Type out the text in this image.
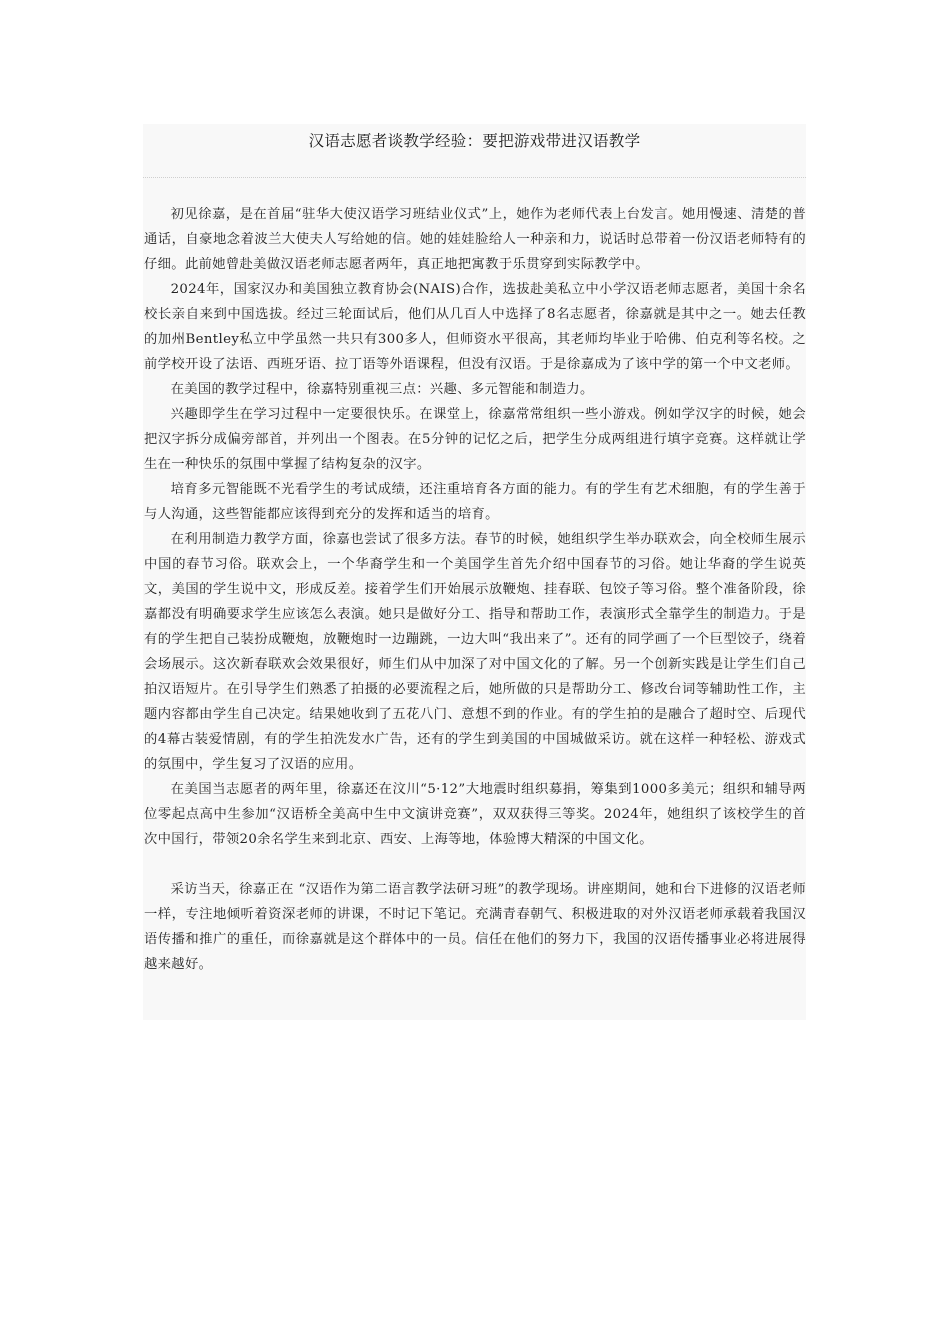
汉语志愿者谈教学经验：要把游戏带进汉语教学

初见徐嘉，是在首届“驻华大使汉语学习班结业仪式”上，她作为老师代表上台发言。她用慢速、清楚的普通话，自豪地念着波兰大使夫人写给她的信。她的娃娃脸给人一种亲和力，说话时总带着一份汉语老师特有的仔细。此前她曾赴美做汉语老师志愿者两年，真正地把寓教于乐贯穿到实际教学中。

2024年，国家汉办和美国独立教育协会(NAIS)合作，选拔赴美私立中小学汉语老师志愿者，美国十余名校长亲自来到中国选拔。经过三轮面试后，他们从几百人中选择了8名志愿者，徐嘉就是其中之一。她去任教的加州Bentley私立中学虽然一共只有300多人，但师资水平很高，其老师均毕业于哈佛、伯克利等名校。之前学校开设了法语、西班牙语、拉丁语等外语课程，但没有汉语。于是徐嘉成为了该中学的第一个中文老师。

在美国的教学过程中，徐嘉特别重视三点：兴趣、多元智能和制造力。

兴趣即学生在学习过程中一定要很快乐。在课堂上，徐嘉常常组织一些小游戏。例如学汉字的时候，她会把汉字拆分成偏旁部首，并列出一个图表。在5分钟的记忆之后，把学生分成两组进行填字竞赛。这样就让学生在一种快乐的氛围中掌握了结构复杂的汉字。

培育多元智能既不光看学生的考试成绩，还注重培育各方面的能力。有的学生有艺术细胞，有的学生善于与人沟通，这些智能都应该得到充分的发挥和适当的培育。

在利用制造力教学方面，徐嘉也尝试了很多方法。春节的时候，她组织学生举办联欢会，向全校师生展示中国的春节习俗。联欢会上，一个华裔学生和一个美国学生首先介绍中国春节的习俗。她让华裔的学生说英文，美国的学生说中文，形成反差。接着学生们开始展示放鞭炮、挂春联、包饺子等习俗。整个准备阶段，徐嘉都没有明确要求学生应该怎么表演。她只是做好分工、指导和帮助工作，表演形式全靠学生的制造力。于是有的学生把自己装扮成鞭炮，放鞭炮时一边蹦跳，一边大叫“我出来了”。还有的同学画了一个巨型饺子，绕着会场展示。这次新春联欢会效果很好，师生们从中加深了对中国文化的了解。另一个创新实践是让学生们自己拍汉语短片。在引导学生们熟悉了拍摄的必要流程之后，她所做的只是帮助分工、修改台词等辅助性工作，主题内容都由学生自己决定。结果她收到了五花八门、意想不到的作业。有的学生拍的是融合了超时空、后现代的4幕古装爱情剧，有的学生拍洗发水广告，还有的学生到美国的中国城做采访。就在这样一种轻松、游戏式的氛围中，学生复习了汉语的应用。

在美国当志愿者的两年里，徐嘉还在汶川“5·12”大地震时组织募捐，筹集到1000多美元；组织和辅导两位零起点高中生参加“汉语桥全美高中生中文演讲竞赛”，双双获得三等奖。2024年，她组织了该校学生的首次中国行，带领20余名学生来到北京、西安、上海等地，体验博大精深的中国文化。

采访当天，徐嘉正在 “汉语作为第二语言教学法研习班”的教学现场。讲座期间，她和台下进修的汉语老师一样，专注地倾听着资深老师的讲课，不时记下笔记。充满青春朝气、积极进取的对外汉语老师承载着我国汉语传播和推广的重任，而徐嘉就是这个群体中的一员。信任在他们的努力下，我国的汉语传播事业必将进展得越来越好。
